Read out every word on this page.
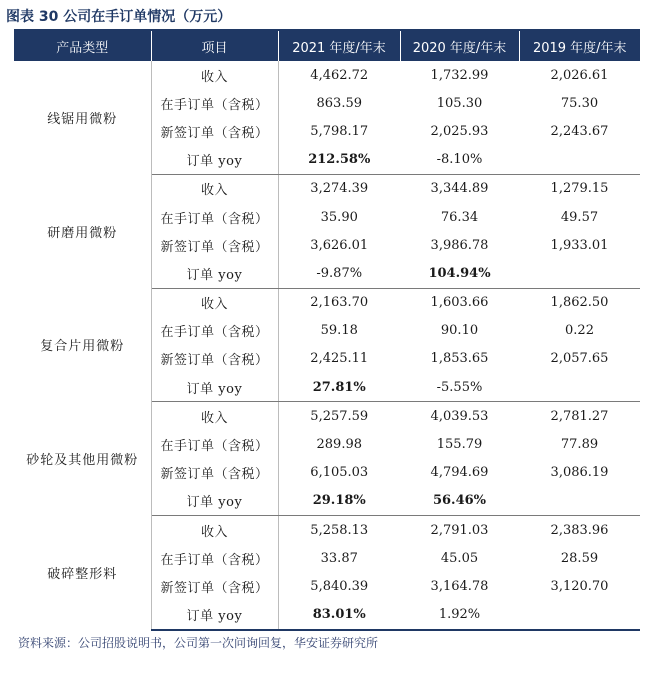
图表 30 公司在手订单情况（万元）
产品类型	项目	2021 年度/年末	2020 年度/年末	2019 年度/年末
线锯用微粉	收入	4,462.72	1,732.99	2,026.61
	在手订单（含税）	863.59	105.30	75.30
	新签订单（含税）	5,798.17	2,025.93	2,243.67
	订单 yoy	212.58%	-8.10%	
研磨用微粉	收入	3,274.39	3,344.89	1,279.15
	在手订单（含税）	35.90	76.34	49.57
	新签订单（含税）	3,626.01	3,986.78	1,933.01
	订单 yoy	-9.87%	104.94%	
复合片用微粉	收入	2,163.70	1,603.66	1,862.50
	在手订单（含税）	59.18	90.10	0.22
	新签订单（含税）	2,425.11	1,853.65	2,057.65
	订单 yoy	27.81%	-5.55%	
砂轮及其他用微粉	收入	5,257.59	4,039.53	2,781.27
	在手订单（含税）	289.98	155.79	77.89
	新签订单（含税）	6,105.03	4,794.69	3,086.19
	订单 yoy	29.18%	56.46%	
破碎整形料	收入	5,258.13	2,791.03	2,383.96
	在手订单（含税）	33.87	45.05	28.59
	新签订单（含税）	5,840.39	3,164.78	3,120.70
	订单 yoy	83.01%	1.92%	
资料来源：公司招股说明书，公司第一次问询回复，华安证券研究所
